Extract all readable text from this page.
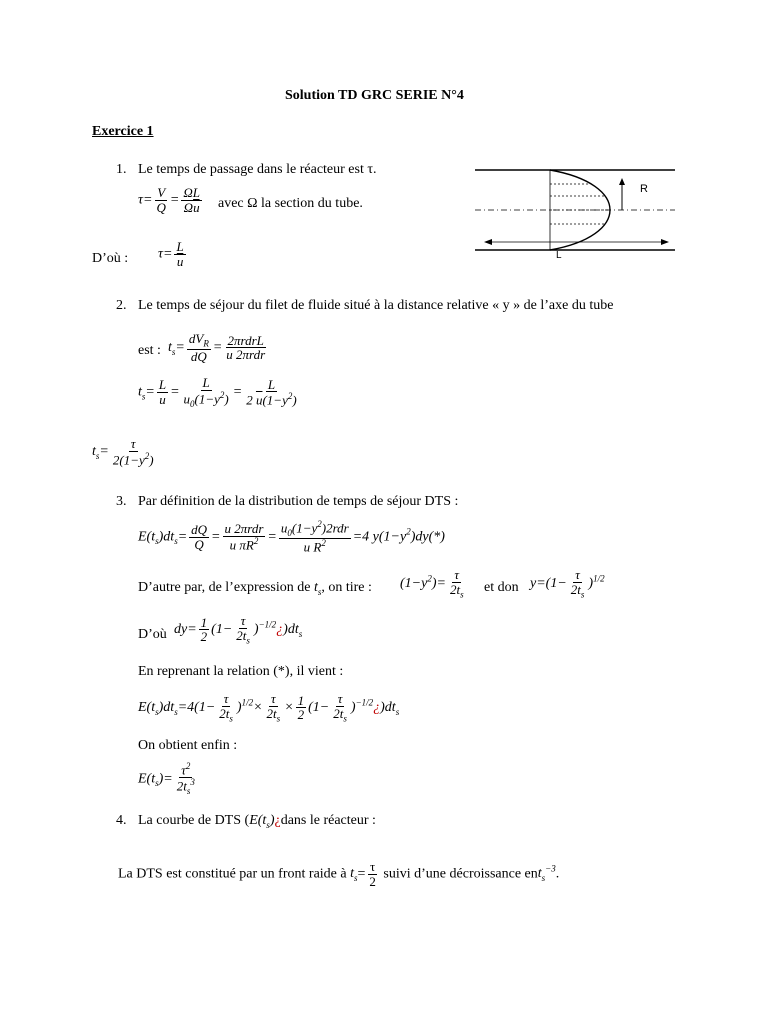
Solution TD GRC SERIE N°4
Exercice 1
1. Le temps de passage dans le réacteur est τ.
$\tau= \frac{V}{Q} = \frac{\Omega L}{\Omega\overline{u}}$ avec Ω la section du tube.
D’où : $\tau= \frac{L}{u}$
R
L
2. Le temps de séjour du filet de fluide situé à la distance relative « y » de l’axe du tube
est : $t_s= \frac{dV_R}{dQ} = \frac{\text{2πrdrL}}{\text{u 2πrdr}}$
$t_s= \frac{L}{u} = \frac{L}{u_0(1-y^2)} = \frac{L}{2 \overline{u}(1-y^2)}$
$t_s= \frac{\tau}{2(1-y^2)}$
3. Par définition de la distribution de temps de séjour DTS :
$E(t_s)dt_s= \frac{dQ}{Q} = \frac{\text{u 2πrdr}}{\overline{u} \pi R^2} = \frac{u_0(1-y^2)2rdr}{\overline{u} R^2} =4$ $y(1-y^2)dy(*)$
D’autre par, de l’expression de $t_s$, on tire : $(1-y^2)= \frac{\tau}{2t_s}$ et don $y=(1- \frac{\tau}{2t_s} )^{1/2}$
D’où $dy= \frac{1}{2} (1- \frac{\tau}{2t_s}$ )$^{-1/2}¿)dt_s$
En reprenant la relation (*), il vient :
$E(t_s)dt_s=4(1- \frac{\tau}{2t_s} )^{1/2}\times \frac{\tau}{2t_s} \times \frac{1}{2} (1- \frac{\tau}{2t_s}$ )$^{-1/2}¿)dt_s$
On obtient enfin :
$E(t_s)= \frac{\tau^2}{2t_s^3}$
4. La courbe de DTS ($E(t_s)¿dans$ le réacteur :
La DTS est constitué par un front raide à $t_s= \frac{\tau}{2}$ suivi d’une décroissance ent$_s^{-3}$.
